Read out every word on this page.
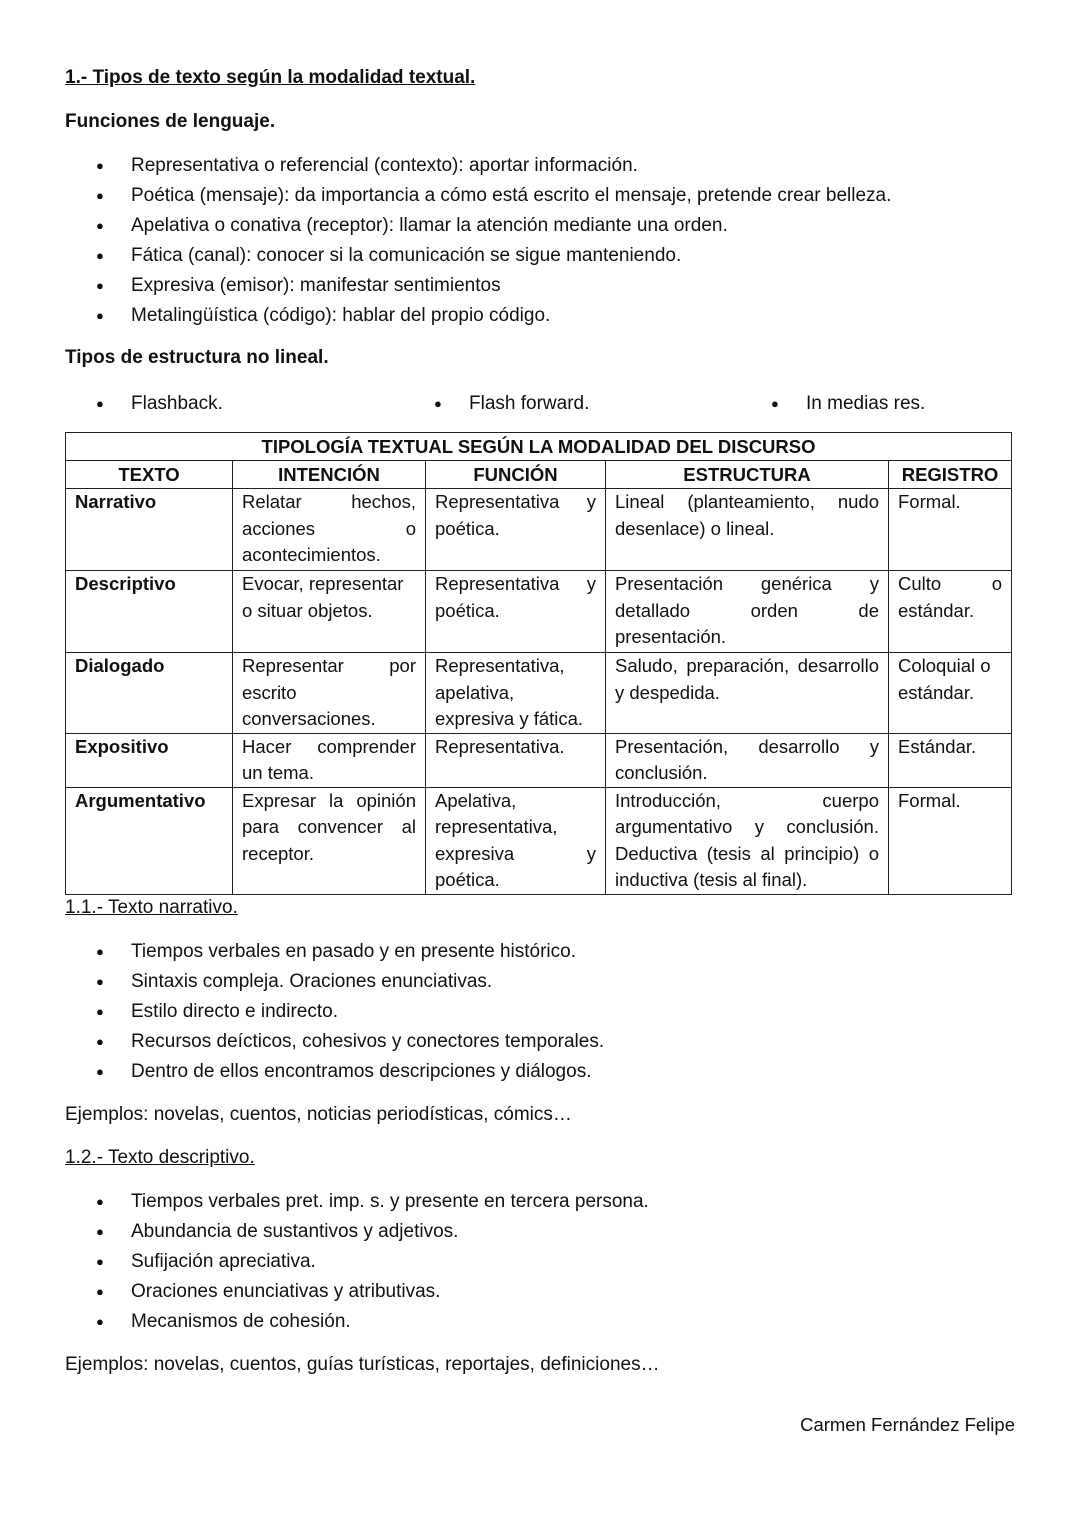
1.- Tipos de texto según la modalidad textual.
Funciones de lenguaje.
● Representativa o referencial (contexto): aportar información.
● Poética (mensaje): da importancia a cómo está escrito el mensaje, pretende crear belleza.
● Apelativa o conativa (receptor): llamar la atención mediante una orden.
● Fática (canal): conocer si la comunicación se sigue manteniendo.
● Expresiva (emisor): manifestar sentimientos
● Metalingüística (código): hablar del propio código.
Tipos de estructura no lineal.
● Flashback.	● Flash forward.	● In medias res.
TIPOLOGÍA TEXTUAL SEGÚN LA MODALIDAD DEL DISCURSO				
TEXTO	INTENCIÓN	FUNCIÓN	ESTRUCTURA	REGISTRO
Narrativo	Relatar hechos, acciones o acontecimientos.	Representativa y poética.	Lineal (planteamiento, nudo desenlace) o lineal.	Formal.
Descriptivo	Evocar, representar o situar objetos.	Representativa y poética.	Presentación genérica y detallado orden de presentación.	Culto o estándar.
Dialogado	Representar por escrito conversaciones.	Representativa, apelativa, expresiva y fática.	Saludo, preparación, desarrollo y despedida.	Coloquial o estándar.
Expositivo	Hacer comprender un tema.	Representativa.	Presentación, desarrollo y conclusión.	Estándar.
Argumentativo	Expresar la opinión para convencer al receptor.	Apelativa, representativa, expresiva y poética.	Introducción, cuerpo argumentativo y conclusión. Deductiva (tesis al principio) o inductiva (tesis al final).	Formal.
1.1.- Texto narrativo.
● Tiempos verbales en pasado y en presente histórico.
● Sintaxis compleja. Oraciones enunciativas.
● Estilo directo e indirecto.
● Recursos deícticos, cohesivos y conectores temporales.
● Dentro de ellos encontramos descripciones y diálogos.
Ejemplos: novelas, cuentos, noticias periodísticas, cómics…
1.2.- Texto descriptivo.
● Tiempos verbales pret. imp. s. y presente en tercera persona.
● Abundancia de sustantivos y adjetivos.
● Sufijación apreciativa.
● Oraciones enunciativas y atributivas.
● Mecanismos de cohesión.
Ejemplos: novelas, cuentos, guías turísticas, reportajes, definiciones…
Carmen Fernández Felipe
